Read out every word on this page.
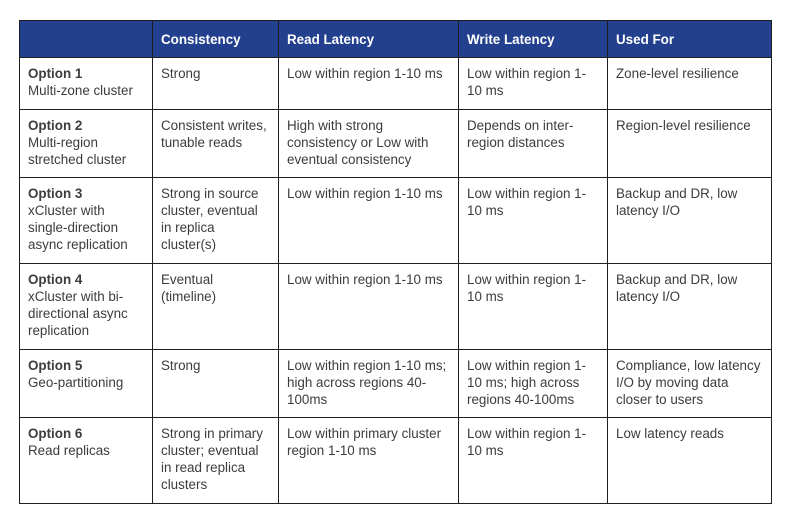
	Consistency	Read Latency	Write Latency	Used For

Option 1
Multi-zone cluster	Strong	Low within region 1-10 ms	Low within region 1-10 ms	Zone-level resilience

Option 2
Multi-region stretched cluster	Consistent writes, tunable reads	High with strong consistency or Low with eventual consistency	Depends on inter-region distances	Region-level resilience

Option 3
xCluster with single-direction async replication	Strong in source cluster, eventual in replica cluster(s)	Low within region 1-10 ms	Low within region 1-10 ms	Backup and DR, low latency I/O

Option 4
xCluster with bi-directional async replication	Eventual (timeline)	Low within region 1-10 ms	Low within region 1-10 ms	Backup and DR, low latency I/O

Option 5
Geo-partitioning	Strong	Low within region 1-10 ms; high across regions 40-100ms	Low within region 1-10 ms; high across regions 40-100ms	Compliance, low latency I/O by moving data closer to users

Option 6
Read replicas	Strong in primary cluster; eventual in read replica clusters	Low within primary cluster region 1-10 ms	Low within region 1-10 ms	Low latency reads
